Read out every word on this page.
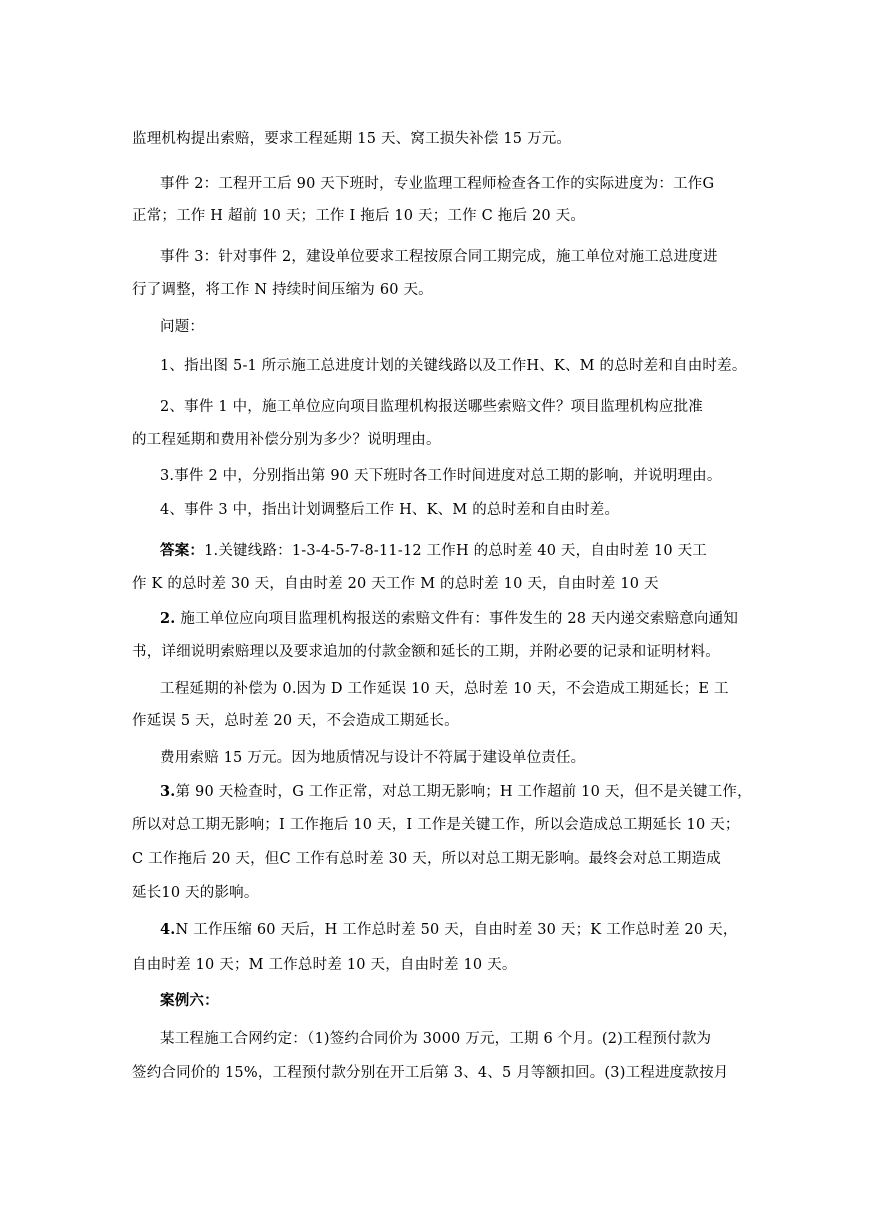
监理机构提出索赔，要求工程延期 15 天、窝工损失补偿 15 万元。
事件 2：工程开工后 90 天下班时，专业监理工程师检查各工作的实际进度为：工作G
正常；工作 H 超前 10 天；工作 I 拖后 10 天；工作 C 拖后 20 天。
事件 3：针对事件 2，建设单位要求工程按原合同工期完成，施工单位对施工总进度进
行了调整，将工作 N 持续时间压缩为 60 天。
问题：
1、指出图 5-1 所示施工总进度计划的关键线路以及工作H、K、M 的总时差和自由时差。
2、事件 1 中，施工单位应向项目监理机构报送哪些索赔文件？项目监理机构应批准
的工程延期和费用补偿分别为多少？说明理由。
3.事件 2 中，分别指出第 90 天下班时各工作时间进度对总工期的影响，并说明理由。
4、事件 3 中，指出计划调整后工作 H、K、M 的总时差和自由时差。
答案：1.关键线路：1-3-4-5-7-8-11-12 工作H 的总时差 40 天，自由时差 10 天工
作 K 的总时差 30 天，自由时差 20 天工作 M 的总时差 10 天，自由时差 10 天
2. 施工单位应向项目监理机构报送的索赔文件有：事件发生的 28 天内递交索赔意向通知
书，详细说明索赔理以及要求追加的付款金额和延长的工期，并附必要的记录和证明材料。
工程延期的补偿为 0.因为 D 工作延误 10 天，总时差 10 天，不会造成工期延长；E 工
作延误 5 天，总时差 20 天，不会造成工期延长。
费用索赔 15 万元。因为地质情况与设计不符属于建设单位责任。
3.第 90 天检查时，G 工作正常，对总工期无影响；H 工作超前 10 天，但不是关键工作，
所以对总工期无影响；I 工作拖后 10 天，I 工作是关键工作，所以会造成总工期延长 10 天；
C 工作拖后 20 天，但C 工作有总时差 30 天，所以对总工期无影响。最终会对总工期造成
延长10 天的影响。
4.N 工作压缩 60 天后，H 工作总时差 50 天，自由时差 30 天；K 工作总时差 20 天，
自由时差 10 天；M 工作总时差 10 天，自由时差 10 天。
案例六：
某工程施工合网约定：（1)签约合同价为 3000 万元，工期 6 个月。(2)工程预付款为
签约合同价的 15%，工程预付款分别在开工后第 3、4、5 月等额扣回。(3)工程进度款按月
